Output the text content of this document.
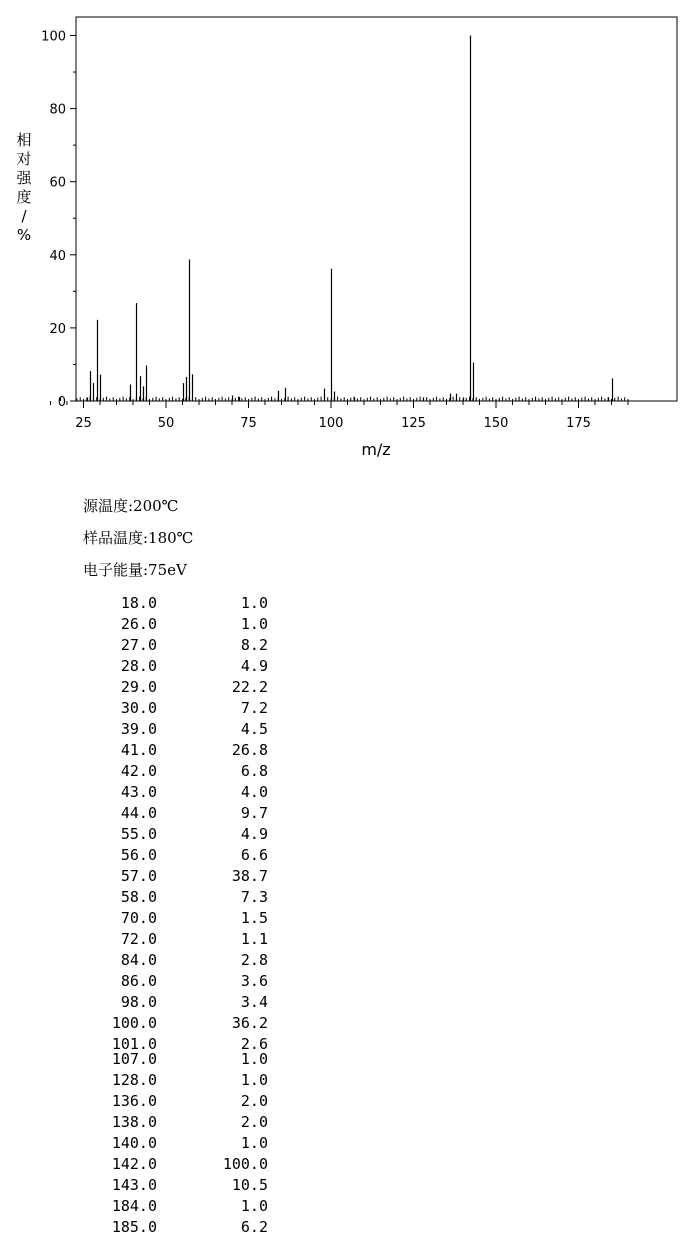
0
20
40
60
80
100
25	50	75	100	125	150	175
m/z
相对强度/ %
源温度:200℃
样品温度:180℃
电子能量:75eV
18.0	1.0
26.0	1.0
27.0	8.2
28.0	4.9
29.0	22.2
30.0	7.2
39.0	4.5
41.0	26.8
42.0	6.8
43.0	4.0
44.0	9.7
55.0	4.9
56.0	6.6
57.0	38.7
58.0	7.3
70.0	1.5
72.0	1.1
84.0	2.8
86.0	3.6
98.0	3.4
100.0	36.2
101.0	2.6
107.0	1.0
128.0	1.0
136.0	2.0
138.0	2.0
140.0	1.0
142.0	100.0
143.0	10.5
184.0	1.0
185.0	6.2
